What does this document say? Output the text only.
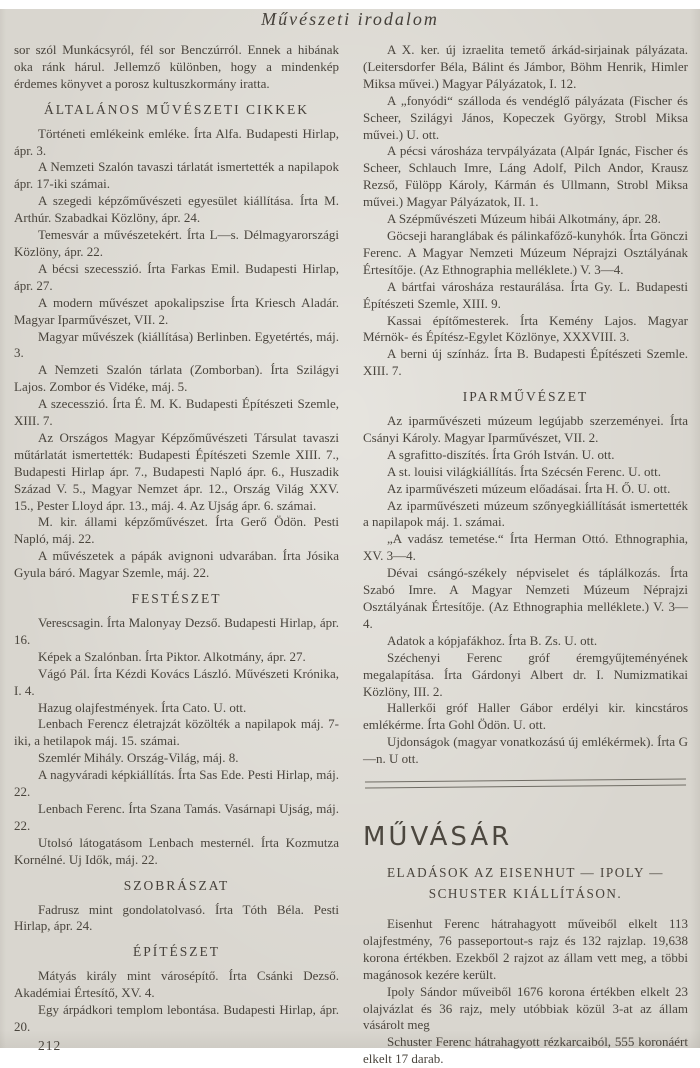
Művészeti irodalom

sor szól Munkácsyról, fél sor Benczúrról. Ennek a hibának oka ránk hárul. Jellemző különben, hogy a mindenkép érdemes könyvet a porosz kultuszkormány iratta.

ÁLTALÁNOS MŰVÉSZETI CIKKEK

Történeti emlékeink emléke. Írta Alfa. Budapesti Hirlap, ápr. 3.

A Nemzeti Szalón tavaszi tárlatát ismertették a napilapok ápr. 17-iki számai.

A szegedi képzőművészeti egyesület kiállítása. Írta M. Arthúr. Szabadkai Közlöny, ápr. 24.

Temesvár a művészetekért. Írta L—s. Délmagyarországi Közlöny, ápr. 22.

A bécsi szecesszió. Írta Farkas Emil. Budapesti Hirlap, ápr. 27.

A modern művészet apokalipszise Írta Kriesch Aladár. Magyar Iparművészet, VII. 2.

Magyar művészek (kiállítása) Berlinben. Egyetértés, máj. 3.

A Nemzeti Szalón tárlata (Zomborban). Írta Szilágyi Lajos. Zombor és Vidéke, máj. 5.

A szecesszió. Írta É. M. K. Budapesti Építészeti Szemle, XIII. 7.

Az Országos Magyar Képzőművészeti Társulat tavaszi műtárlatát ismertették: Budapesti Építészeti Szemle XIII. 7., Budapesti Hirlap ápr. 7., Budapesti Napló ápr. 6., Huszadik Század V. 5., Magyar Nemzet ápr. 12., Ország Világ XXV. 15., Pester Lloyd ápr. 13., máj. 4. Az Ujság ápr. 6. számai.

M. kir. állami képzőművészet. Írta Gerő Ödön. Pesti Napló, máj. 22.

A művészetek a pápák avignoni udvarában. Írta Jósika Gyula báró. Magyar Szemle, máj. 22.

FESTÉSZET

Verescsagin. Írta Malonyay Dezső. Budapesti Hirlap, ápr. 16.

Képek a Szalónban. Írta Piktor. Alkotmány, ápr. 27.

Vágó Pál. Írta Kézdi Kovács László. Művészeti Krónika, I. 4.

Hazug olajfestmények. Írta Cato. U. ott.

Lenbach Ferencz életrajzát közölték a napilapok máj. 7-iki, a hetilapok máj. 15. számai.

Szemlér Mihály. Ország-Világ, máj. 8.

A nagyváradi képkiállítás. Írta Sas Ede. Pesti Hirlap, máj. 22.

Lenbach Ferenc. Írta Szana Tamás. Vasárnapi Ujság, máj. 22.

Utolsó látogatásom Lenbach mesternél. Írta Kozmutza Kornélné. Uj Idők, máj. 22.

SZOBRÁSZAT

Fadrusz mint gondolatolvasó. Írta Tóth Béla. Pesti Hirlap, ápr. 24.

ÉPÍTÉSZET

Mátyás király mint városépítő. Írta Csánki Dezső. Akadémiai Értesítő, XV. 4.

Egy árpádkori templom lebontása. Budapesti Hirlap, ápr. 20.

212

A X. ker. új izraelita temető árkád-sirjainak pályázata. (Leitersdorfer Béla, Bálint és Jámbor, Böhm Henrik, Himler Miksa művei.) Magyar Pályázatok, I. 12.

A „fonyódi“ szálloda és vendéglő pályázata (Fischer és Scheer, Szilágyi János, Kopeczek György, Strobl Miksa művei.) U. ott.

A pécsi városháza tervpályázata (Alpár Ignác, Fischer és Scheer, Schlauch Imre, Láng Adolf, Pilch Andor, Krausz Rezső, Fülöpp Károly, Kármán és Ullmann, Strobl Miksa művei.) Magyar Pályázatok, II. 1.

A Szépművészeti Múzeum hibái Alkotmány, ápr. 28.

Göcseji haranglábak és pálinkafőző-kunyhók. Írta Gönczi Ferenc. A Magyar Nemzeti Múzeum Néprajzi Osztályának Értesítője. (Az Ethnographia melléklete.) V. 3—4.

A bártfai városháza restaurálása. Írta Gy. L. Budapesti Építészeti Szemle, XIII. 9.

Kassai építőmesterek. Írta Kemény Lajos. Magyar Mérnök- és Építész-Egylet Közlönye, XXXVIII. 3.

A berni új színház. Írta B. Budapesti Építészeti Szemle. XIII. 7.

IPARMŰVÉSZET

Az iparművészeti múzeum legújabb szerzeményei. Írta Csányi Károly. Magyar Iparművészet, VII. 2.

A sgrafitto-diszítés. Írta Gróh István. U. ott.

A st. louisi világkiállítás. Írta Szécsén Ferenc. U. ott.

Az iparművészeti múzeum előadásai. Írta H. Ő. U. ott.

Az iparművészeti múzeum szőnyegkiállítását ismertették a napilapok máj. 1. számai.

„A vadász temetése.“ Írta Herman Ottó. Ethnographia, XV. 3—4.

Dévai csángó-székely népviselet és táplálkozás. Írta Szabó Imre. A Magyar Nemzeti Múzeum Néprajzi Osztályának Értesítője. (Az Ethnographia melléklete.) V. 3—4.

Adatok a kópjafákhoz. Írta B. Zs. U. ott.

Széchenyi Ferenc gróf éremgyűjteményének megalapítása. Írta Gárdonyi Albert dr. I. Numizmatikai Közlöny, III. 2.

Hallerkői gróf Haller Gábor erdélyi kir. kincstáros emlékérme. Írta Gohl Ödön. U. ott.

Ujdonságok (magyar vonatkozású új emlékérmek). Írta G—n. U ott.

MŰVÁSÁR
ELADÁSOK AZ EISENHUT — IPOLY — SCHUSTER KIÁLLÍTÁSON.

Eisenhut Ferenc hátrahagyott műveiből elkelt 113 olajfestmény, 76 passeportout-s rajz és 132 rajzlap. 19,638 korona értékben. Ezekből 2 rajzot az állam vett meg, a többi magánosok kezére került.

Ipoly Sándor műveiből 1676 korona értékben elkelt 23 olajvázlat és 36 rajz, mely utóbbiak közül 3-at az állam vásárolt meg

Schuster Ferenc hátrahagyott rézkarcaiból, 555 koronáért elkelt 17 darab.
